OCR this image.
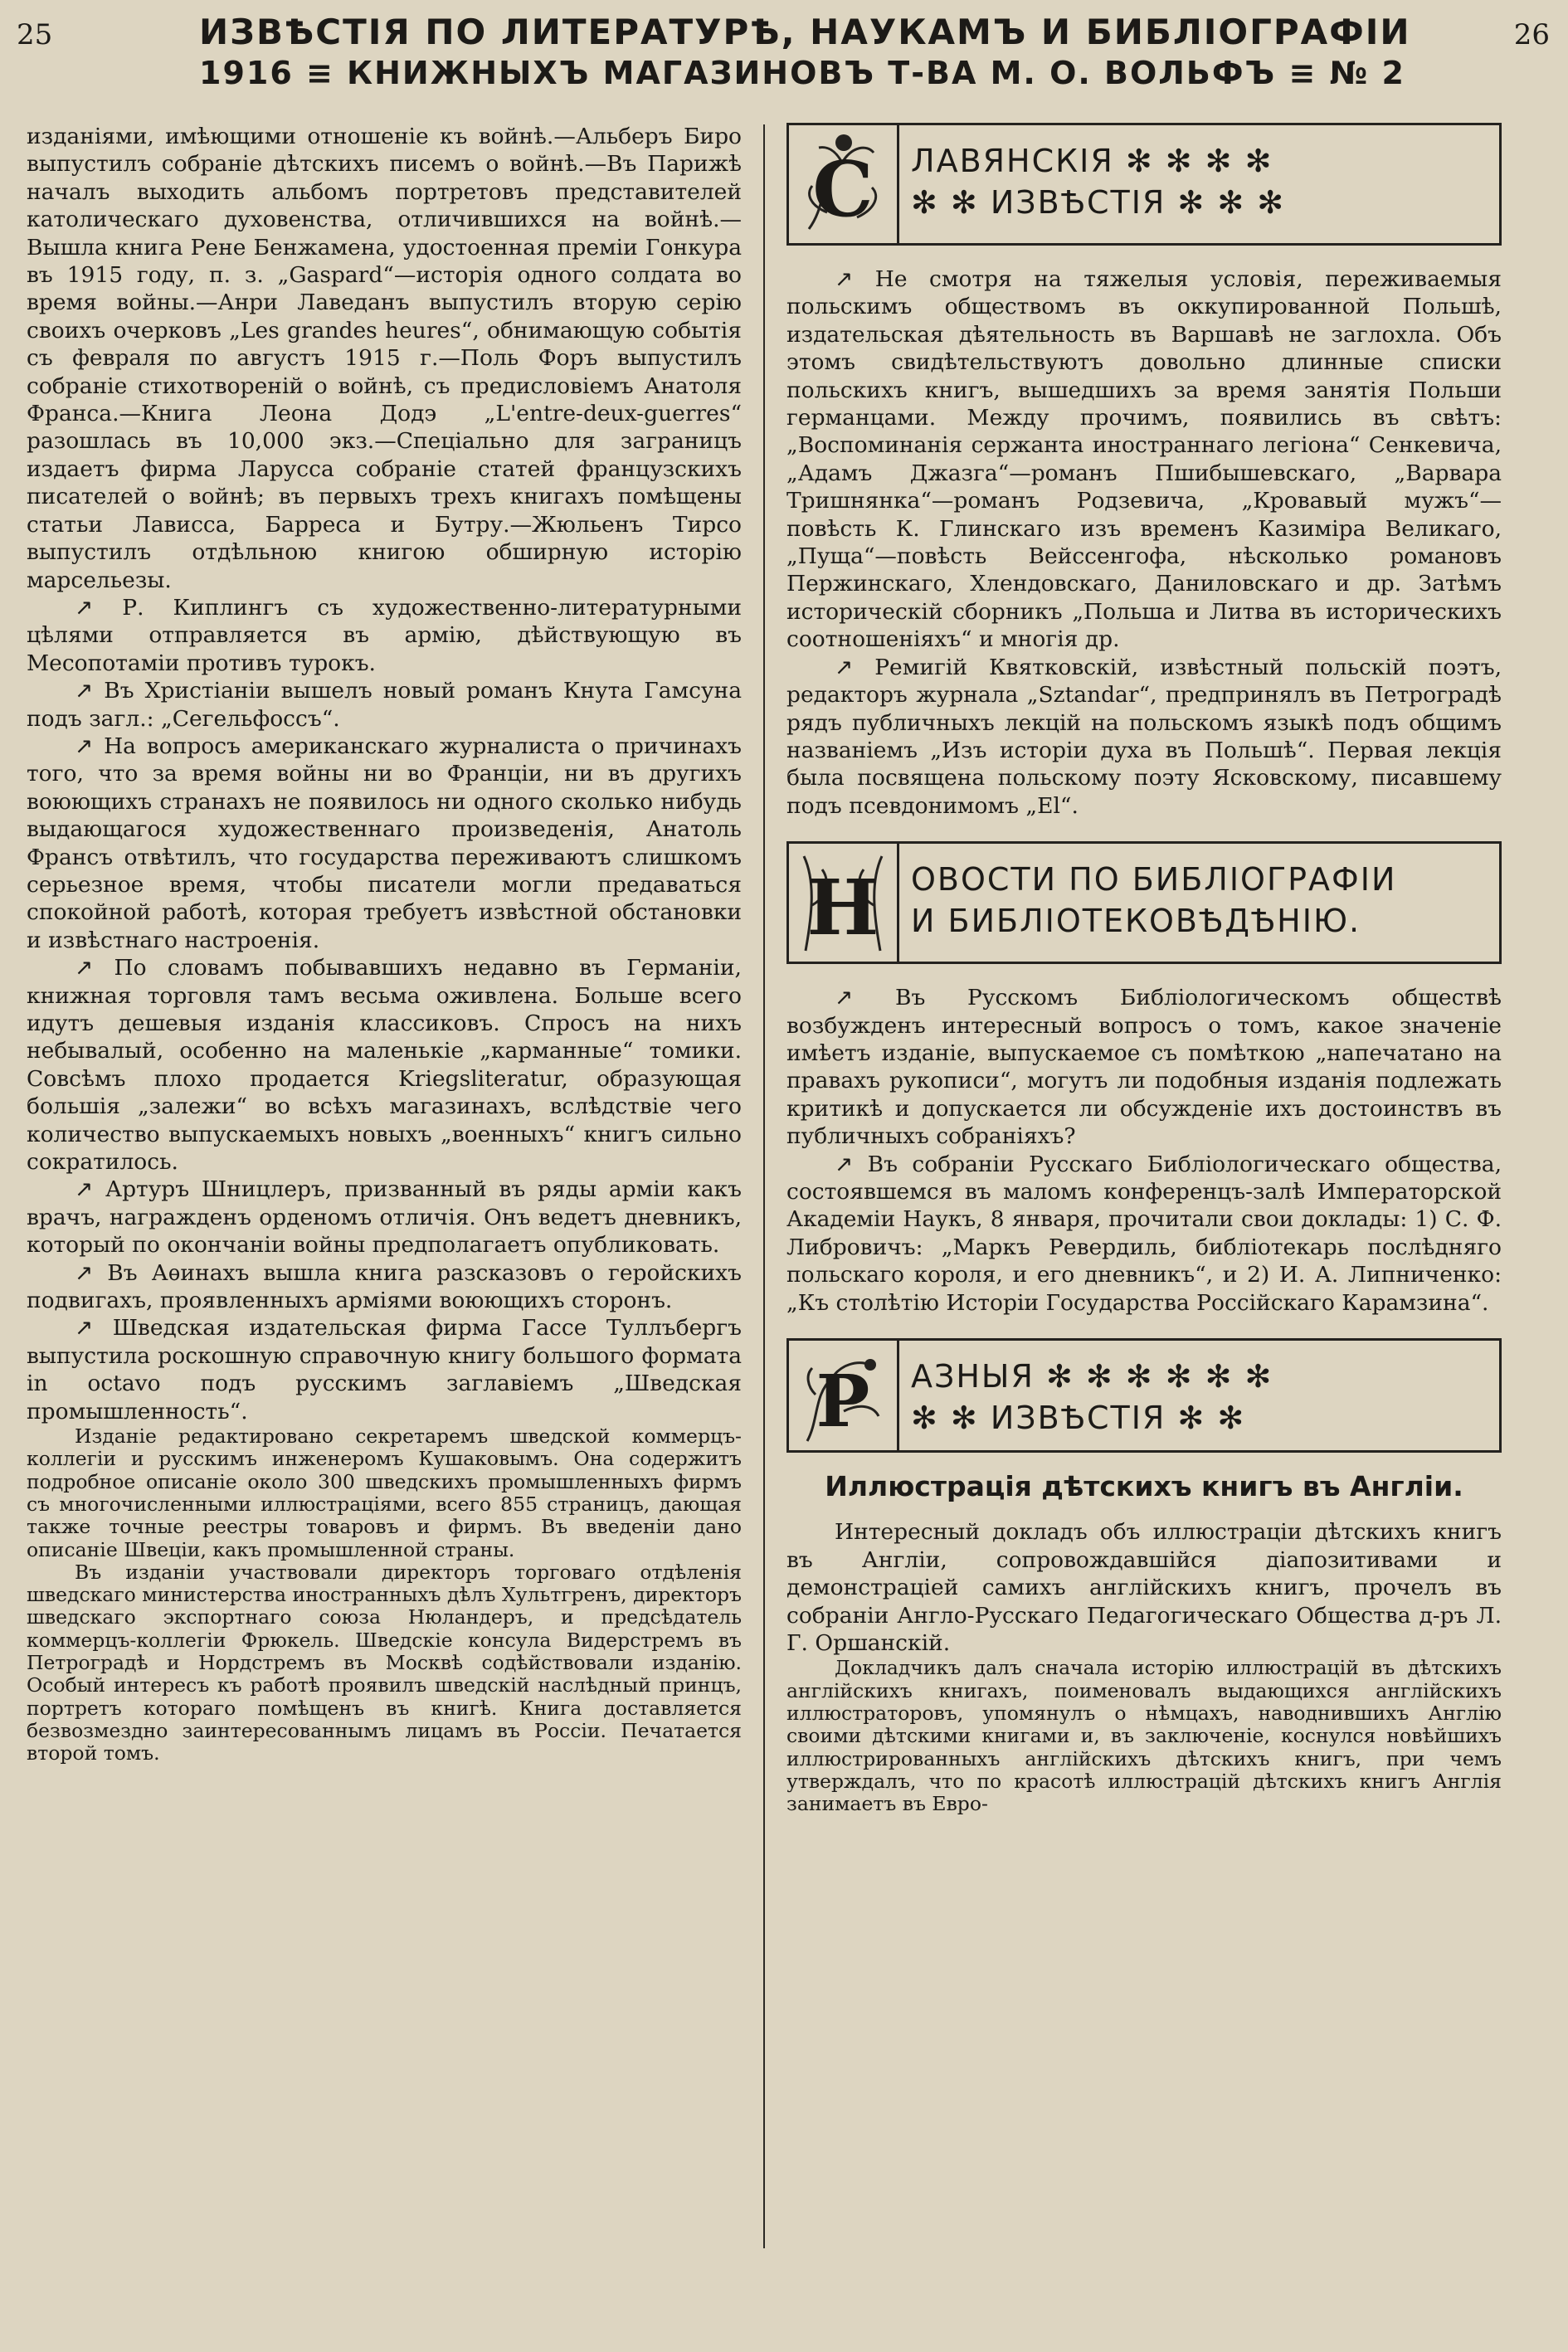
25	26
ИЗВѢСТІЯ ПО ЛИТЕРАТУРѢ, НАУКАМЪ И БИБЛІОГРАФІИ
1916 ≡ КНИЖНЫХЪ МАГАЗИНОВЪ Т-ВА М. О. ВОЛЬФЪ ≡ № 2

изданіями, имѣющими отношеніе къ войнѣ.—Альберъ Биро выпустилъ собраніе дѣтскихъ писемъ о войнѣ.—Въ Парижѣ началъ выходить альбомъ портретовъ представителей католическаго духовенства, отличившихся на войнѣ.—Вышла книга Рене Бенжамена, удостоенная преміи Гонкура въ 1915 году, п. з. „Gaspard“—исторія одного солдата во время войны.—Анри Лаведанъ выпустилъ вторую серію своихъ очерковъ „Les grandes heures“, обнимающую событія съ февраля по августъ 1915 г.—Поль Форъ выпустилъ собраніе стихотвореній о войнѣ, съ предисловіемъ Анатоля Франса.—Книга Леона Додэ „L'entre-deux-guerres“ разошлась въ 10,000 экз.—Спеціально для заграницъ издаетъ фирма Ларусса собраніе статей французскихъ писателей о войнѣ; въ первыхъ трехъ книгахъ помѣщены статьи Лависса, Барреса и Бутру.—Жюльенъ Тирсо выпустилъ отдѣльною книгою обширную исторію марсельезы.

↗ Р. Киплингъ съ художественно-литературными цѣлями отправляется въ армію, дѣйствующую въ Месопотаміи противъ турокъ.

↗ Въ Христіаніи вышелъ новый романъ Кнута Гамсуна подъ загл.: „Сегельфоссъ“.

↗ На вопросъ американскаго журналиста о причинахъ того, что за время войны ни во Франціи, ни въ другихъ воюющихъ странахъ не появилось ни одного сколько нибудь выдающагося художественнаго произведенія, Анатоль Франсъ отвѣтилъ, что государства переживаютъ слишкомъ серьезное время, чтобы писатели могли предаваться спокойной работѣ, которая требуетъ извѣстной обстановки и извѣстнаго настроенія.

↗ По словамъ побывавшихъ недавно въ Германіи, книжная торговля тамъ весьма оживлена. Больше всего идутъ дешевыя изданія классиковъ. Спросъ на нихъ небывалый, особенно на маленькіе „карманные“ томики. Совсѣмъ плохо продается Kriegsliteratur, образующая большія „залежи“ во всѣхъ магазинахъ, вслѣдствіе чего количество выпускаемыхъ новыхъ „военныхъ“ книгъ сильно сократилось.

↗ Артуръ Шницлеръ, призванный въ ряды арміи какъ врачъ, награжденъ орденомъ отличія. Онъ ведетъ дневникъ, который по окончаніи войны предполагаетъ опубликовать.

↗ Въ Аѳинахъ вышла книга разсказовъ о геройскихъ подвигахъ, проявленныхъ арміями воюющихъ сторонъ.

↗ Шведская издательская фирма Гассе Туллъбергъ выпустила роскошную справочную книгу большого формата in octavo подъ русскимъ заглавіемъ „Шведская промышленность“.

Изданіе редактировано секретаремъ шведской коммерцъ-коллегіи и русскимъ инженеромъ Кушаковымъ. Она содержитъ подробное описаніе около 300 шведскихъ промышленныхъ фирмъ съ многочисленными иллюстраціями, всего 855 страницъ, дающая также точные реестры товаровъ и фирмъ. Въ введеніи дано описаніе Швеціи, какъ промышленной страны.

Въ изданіи участвовали директоръ торговаго отдѣленія шведскаго министерства иностранныхъ дѣлъ Хультгренъ, директоръ шведскаго экспортнаго союза Нюландеръ, и предсѣдатель коммерцъ-коллегіи Фрюкель. Шведскіе консула Видерстремъ въ Петроградѣ и Нордстремъ въ Москвѣ содѣйствовали изданію. Особый интересъ къ работѣ проявилъ шведскій наслѣдный принцъ, портретъ котораго помѣщенъ въ книгѣ. Книга доставляется безвозмездно заинтересованнымъ лицамъ въ Россіи. Печатается второй томъ.

С ЛАВЯНСКІЯ ✻ ✻ ✻ ✻
✻ ✻ ИЗВѢСТІЯ ✻ ✻ ✻

↗ Не смотря на тяжелыя условія, переживаемыя польскимъ обществомъ въ оккупированной Польшѣ, издательская дѣятельность въ Варшавѣ не заглохла. Объ этомъ свидѣтельствуютъ довольно длинные списки польскихъ книгъ, вышедшихъ за время занятія Польши германцами. Между прочимъ, появились въ свѣтъ: „Воспоминанія сержанта иностраннаго легіона“ Сенкевича, „Адамъ Джазга“—романъ Пшибышевскаго, „Варвара Тришнянка“—романъ Родзевича, „Кровавый мужъ“—повѣсть К. Глинскаго изъ временъ Казиміра Великаго, „Пуща“—повѣсть Вейссенгофа, нѣсколько романовъ Пержинскаго, Хлендовскаго, Даниловскаго и др. Затѣмъ историческій сборникъ „Польша и Литва въ историческихъ соотношеніяхъ“ и многія др.

↗ Ремигій Квятковскій, извѣстный польскій поэтъ, редакторъ журнала „Sztandar“, предпринялъ въ Петроградѣ рядъ публичныхъ лекцій на польскомъ языкѣ подъ общимъ названіемъ „Изъ исторіи духа въ Польшѣ“. Первая лекція была посвящена польскому поэту Ясковскому, писавшему подъ псевдонимомъ „El“.

Н ОВОСТИ ПО БИБЛІОГРАФІИ
И БИБЛІОТЕКОВѢДѢНІЮ.

↗ Въ Русскомъ Библіологическомъ обществѣ возбужденъ интересный вопросъ о томъ, какое значеніе имѣетъ изданіе, выпускаемое съ помѣткою „напечатано на правахъ рукописи“, могутъ ли подобныя изданія подлежать критикѣ и допускается ли обсужденіе ихъ достоинствъ въ публичныхъ собраніяхъ?

↗ Въ собраніи Русскаго Библіологическаго общества, состоявшемся въ маломъ конференцъ-залѣ Императорской Академіи Наукъ, 8 января, прочитали свои доклады: 1) С. Ф. Либровичъ: „Маркъ Ревердиль, библіотекарь послѣдняго польскаго короля, и его дневникъ“, и 2) И. А. Липниченко: „Къ столѣтію Исторіи Государства Россійскаго Карамзина“.

Р АЗНЫЯ ✻ ✻ ✻ ✻ ✻ ✻
✻ ✻ ИЗВѢСТІЯ ✻ ✻
Иллюстрація дѣтскихъ книгъ въ Англіи.

Интересный докладъ объ иллюстраціи дѣтскихъ книгъ въ Англіи, сопровождавшійся діапозитивами и демонстраціей самихъ англійскихъ книгъ, прочелъ въ собраніи Англо-Русскаго Педагогическаго Общества д-ръ Л. Г. Оршанскій.

Докладчикъ далъ сначала исторію иллюстрацій въ дѣтскихъ англійскихъ книгахъ, поименовалъ выдающихся англійскихъ иллюстраторовъ, упомянулъ о нѣмцахъ, наводнившихъ Англію своими дѣтскими книгами и, въ заключеніе, коснулся новѣйшихъ иллюстрированныхъ англійскихъ дѣтскихъ книгъ, при чемъ утверждалъ, что по красотѣ иллюстрацій дѣтскихъ книгъ Англія занимаетъ въ Евро-
